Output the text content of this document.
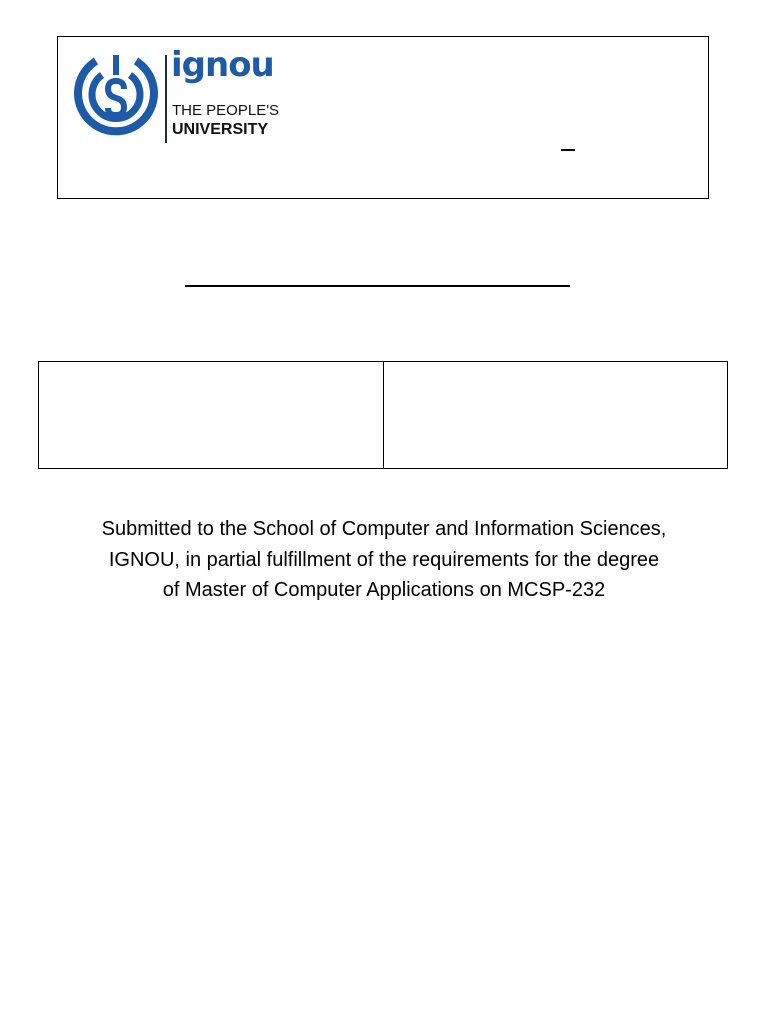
ignou
THE PEOPLE'S
UNIVERSITY

Submitted to the School of Computer and Information Sciences,
IGNOU, in partial fulfillment of the requirements for the degree
of Master of Computer Applications on MCSP-232
